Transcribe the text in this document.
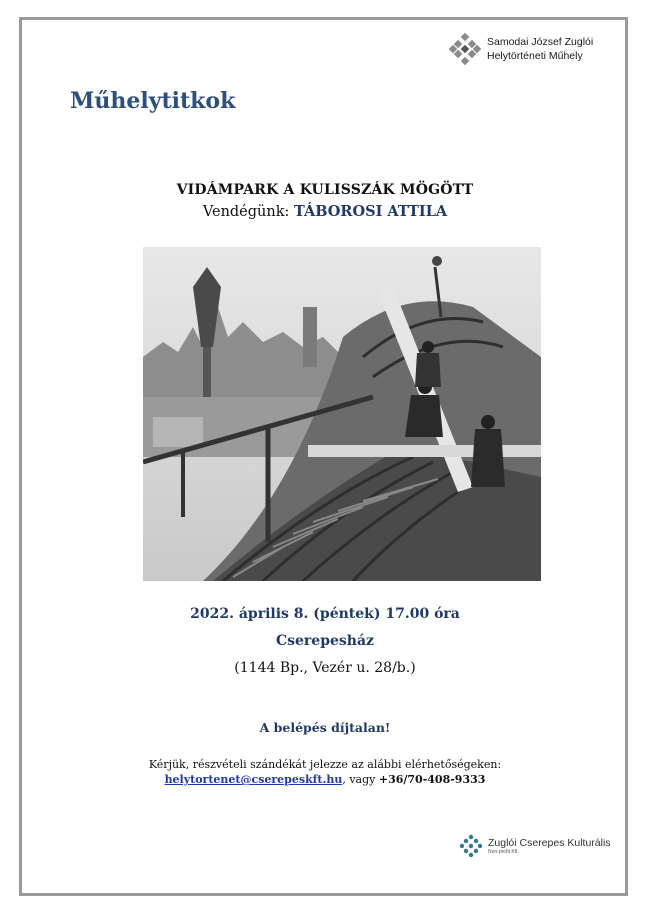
Samodai József Zuglói
Helytörténeti Műhely
Műhelytitkok
VIDÁMPARK A KULISSZÁK MÖGÖTT
Vendégünk: TÁBOROSI ATTILA
2022. április 8. (péntek) 17.00 óra
Cserepesház
(1144 Bp., Vezér u. 28/b.)
A belépés díjtalan!
Kérjük, részvételi szándékát jelezze az alábbi elérhetőségeken:
helytortenet@cserepeskft.hu, vagy +36/70-408-9333
Zuglói Cserepes Kulturális
Non-profit Kft.
